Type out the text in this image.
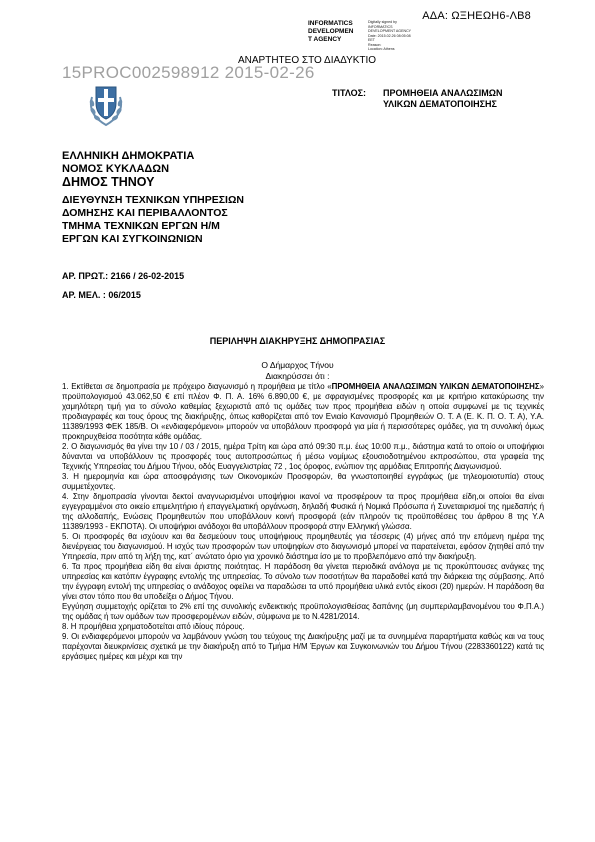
ΑΔΑ: ΩΞΗΕΩΗ6-ΛΒ8
INFORMATICS
DEVELOPMEN
T AGENCY
Digitally signed by
INFORMATICS
DEVELOPMENT AGENCY
Date: 2015.02.26 08:05:08
EET
Reason:
Location: Athens
ΑΝΑΡΤΗΤΕΟ ΣΤΟ ΔΙΑΔΥΚΤΙΟ
15PROC002598912 2015-02-26
ΤΙΤΛΟΣ: ΠΡΟΜΗΘΕΙΑ ΑΝΑΛΩΣΙΜΩΝ
ΥΛΙΚΩΝ ΔΕΜΑΤΟΠΟΙΗΣΗΣ
ΕΛΛΗΝΙΚΗ ΔΗΜΟΚΡΑΤΙΑ
ΝΟΜΟΣ ΚΥΚΛΑΔΩΝ
ΔΗΜΟΣ ΤΗΝΟΥ
ΔΙΕΥΘΥΝΣΗ ΤΕΧΝΙΚΩΝ ΥΠΗΡΕΣΙΩΝ
ΔΟΜΗΣΗΣ ΚΑΙ ΠΕΡΙΒΑΛΛΟΝΤΟΣ
ΤΜΗΜΑ ΤΕΧΝΙΚΩΝ ΕΡΓΩΝ Η/Μ
ΕΡΓΩΝ ΚΑΙ ΣΥΓΚΟΙΝΩΝΙΩΝ
ΑΡ. ΠΡΩΤ.: 2166 / 26-02-2015
ΑΡ. ΜΕΛ. : 06/2015
ΠΕΡΙΛΗΨΗ ΔΙΑΚΗΡΥΞΗΣ ΔΗΜΟΠΡΑΣΙΑΣ
Ο Δήμαρχος Τήνου
Διακηρύσσει ότι :

1. Εκτίθεται σε δημοπρασία με πρόχειρο διαγωνισμό η προμήθεια με τίτλο «ΠΡΟΜΗΘΕΙΑ ΑΝΑΛΩΣΙΜΩΝ ΥΛΙΚΩΝ ΔΕΜΑΤΟΠΟΙΗΣΗΣ» προϋπολογισμού 43.062,50 € επί πλέον Φ. Π. Α. 16% 6.890,00 €, με σφραγισμένες προσφορές και με κριτήριο κατακύρωσης την χαμηλότερη τιμή για το σύνολο καθεμίας ξεχωριστά από τις ομάδες των προς προμήθεια ειδών η οποία συμφωνεί με τις τεχνικές προδιαγραφές και τους όρους της διακήρυξης, όπως καθορίζεται από τον Ενιαίο Κανονισμό Προμηθειών Ο. Τ. Α (Ε. Κ. Π. Ο. Τ. Α), Υ.Α. 11389/1993 ΦΕΚ 185/Β. Οι «ενδιαφερόμενοι» μπορούν να υποβάλουν προσφορά για μία ή περισσότερες ομάδες, για τη συνολική όμως προκηρυχθείσα ποσότητα κάθε ομάδας.

2. Ο διαγωνισμός θα γίνει την 10 / 03 / 2015, ημέρα Τρίτη και ώρα από 09:30 π.μ. έως 10:00 π.μ., διάστημα κατά το οποίο οι υποψήφιοι δύνανται να υποβάλλουν τις προσφορές τους αυτοπροσώπως ή μέσω νομίμως εξουσιοδοτημένου εκπροσώπου, στα γραφεία της Τεχνικής Υπηρεσίας του Δήμου Τήνου, οδός Ευαγγελιστρίας 72 , 1ος όροφος, ενώπιον της αρμόδιας Επιτροπής Διαγωνισμού.

3. Η ημερομηνία και ώρα αποσφράγισης των Οικονομικών Προσφορών, θα γνωστοποιηθεί εγγράφως (με τηλεομοιοτυπία) στους συμμετέχοντες.

4. Στην δημοπρασία γίνονται δεκτοί αναγνωρισμένοι υποψήφιοι ικανοί να προσφέρουν τα προς προμήθεια είδη,οι οποίοι θα είναι εγγεγραμμένοι στο οικείο επιμελητήριο ή επαγγελματική οργάνωση, δηλαδή Φυσικά ή Νομικά Πρόσωπα ή Συνεταιρισμοί της ημεδαπής ή της αλλοδαπής, Ενώσεις Προμηθευτών που υποβάλλουν κοινή προσφορά (εάν πληρούν τις προϋποθέσεις του άρθρου 8 της Υ.Α 11389/1993 - ΕΚΠΟΤΑ). Οι υποψήφιοι ανάδοχοι θα υποβάλλουν προσφορά στην Ελληνική γλώσσα.

5. Οι προσφορές θα ισχύουν και θα δεσμεύουν τους υποψήφιους προμηθευτές για τέσσερις (4) μήνες από την επόμενη ημέρα της διενέργειας του διαγωνισμού. Η ισχύς των προσφορών των υποψηφίων στο διαγωνισμό μπορεί να παρατείνεται, εφόσον ζητηθεί από την Υπηρεσία, πριν από τη λήξη της, κατ΄ ανώτατο όριο για χρονικό διάστημα ίσο με το προβλεπόμενο από την διακήρυξη.

6. Τα προς προμήθεια είδη θα είναι άριστης ποιότητας. Η παράδοση θα γίνεται περιοδικά ανάλογα με τις προκύπτουσες ανάγκες της υπηρεσίας και κατόπιν έγγραφης εντολής της υπηρεσίας. Το σύνολο των ποσοτήτων θα παραδοθεί κατά την διάρκεια της σύμβασης. Από την έγγραφη εντολή της υπηρεσίας ο ανάδοχος οφείλει να παραδώσει τα υπό προμήθεια υλικά εντός είκοσι (20) ημερών. Η παράδοση θα γίνει στον τόπο που θα υποδείξει ο Δήμος Τήνου.

Εγγύηση συμμετοχής ορίζεται το 2% επί της συνολικής ενδεικτικής προϋπολογισθείσας δαπάνης (μη συμπεριλαμβανομένου του Φ.Π.Α.) της ομάδας ή των ομάδων των προσφερομένων ειδών, σύμφωνα με το Ν.4281/2014.

8. Η προμήθεια χρηματοδοτείται από ιδίους πόρους.

9. Οι ενδιαφερόμενοι μπορούν να λαμβάνουν γνώση του τεύχους της Διακήρυξης μαζί με τα συνημμένα παραρτήματα καθώς και να τους παρέχονται διευκρινίσεις σχετικά με την διακήρυξη από το Τμήμα Η/Μ Έργων και Συγκοινωνιών του Δήμου Τήνου (2283360122) κατά τις εργάσιμες ημέρες και μέχρι και την
